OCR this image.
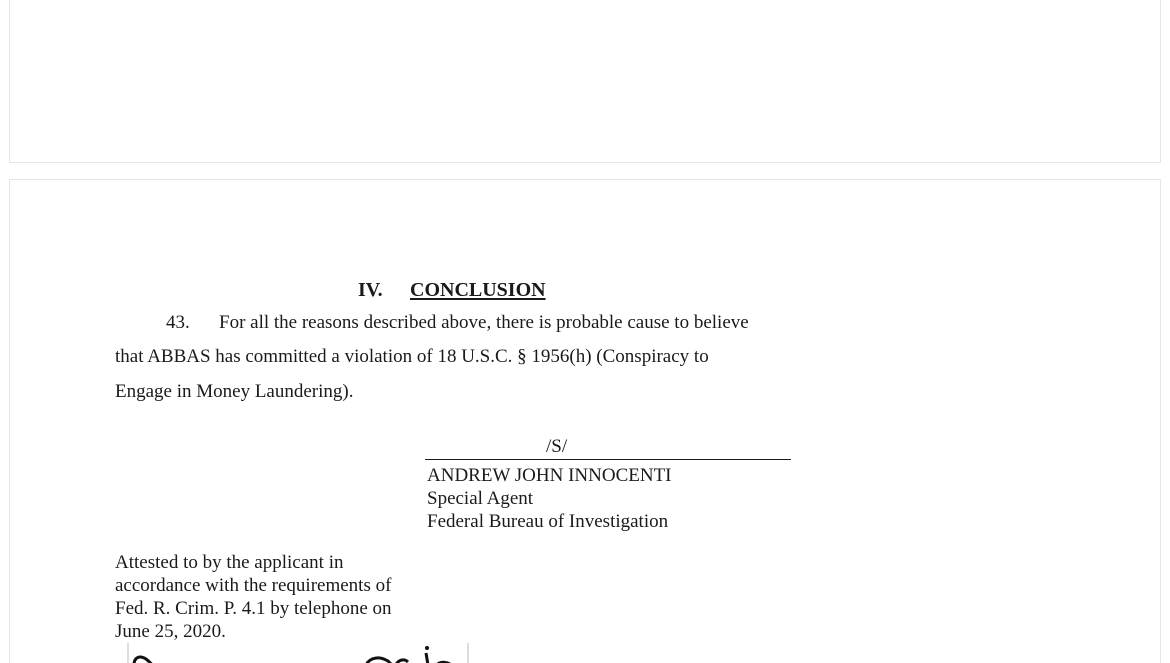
IV. CONCLUSION
43. For all the reasons described above, there is probable cause to believe
that ABBAS has committed a violation of 18 U.S.C. § 1956(h) (Conspiracy to
Engage in Money Laundering).
/S/
ANDREW JOHN INNOCENTI
Special Agent
Federal Bureau of Investigation
Attested to by the applicant in
accordance with the requirements of
Fed. R. Crim. P. 4.1 by telephone on
June 25, 2020.
